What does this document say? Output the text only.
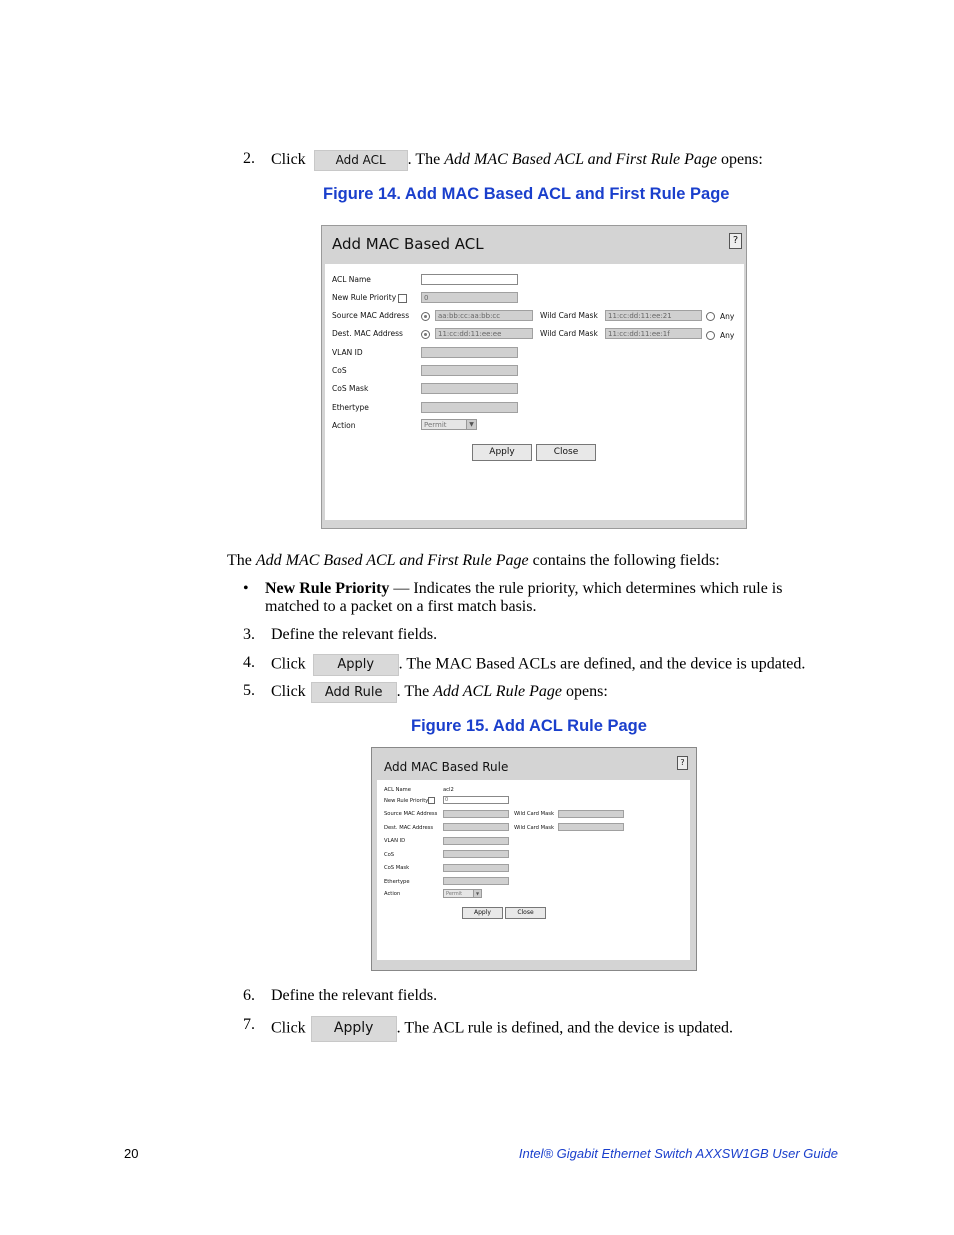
2. Click Add ACL . The Add MAC Based ACL and First Rule Page opens:
Figure 14. Add MAC Based ACL and First Rule Page
Add MAC Based ACL	?
ACL Name
New Rule Priority	0
Source MAC Address	aa:bb:cc:aa:bb:cc	Wild Card Mask	11:cc:dd:11:ee:21	Any
Dest. MAC Address	11:cc:dd:11:ee:ee	Wild Card Mask	11:cc:dd:11:ee:1f	Any
VLAN ID
CoS
CoS Mask
Ethertype
Action	Permit	▼
Apply	Close
The Add MAC Based ACL and First Rule Page contains the following fields:
• New Rule Priority — Indicates the rule priority, which determines which rule is
matched to a packet on a first match basis.
3. Define the relevant fields.
4. Click Apply . The MAC Based ACLs are defined, and the device is updated.
5. Click Add Rule . The Add ACL Rule Page opens:
Figure 15. Add ACL Rule Page
Add MAC Based Rule	?
ACL Name	acl2
New Rule Priority	0
Source MAC Address	Wild Card Mask
Dest. MAC Address	Wild Card Mask
VLAN ID
CoS
CoS Mask
Ethertype
Action	Permit	▼
Apply	Close
6. Define the relevant fields.
7. Click Apply . The ACL rule is defined, and the device is updated.
20	Intel® Gigabit Ethernet Switch AXXSW1GB User Guide
